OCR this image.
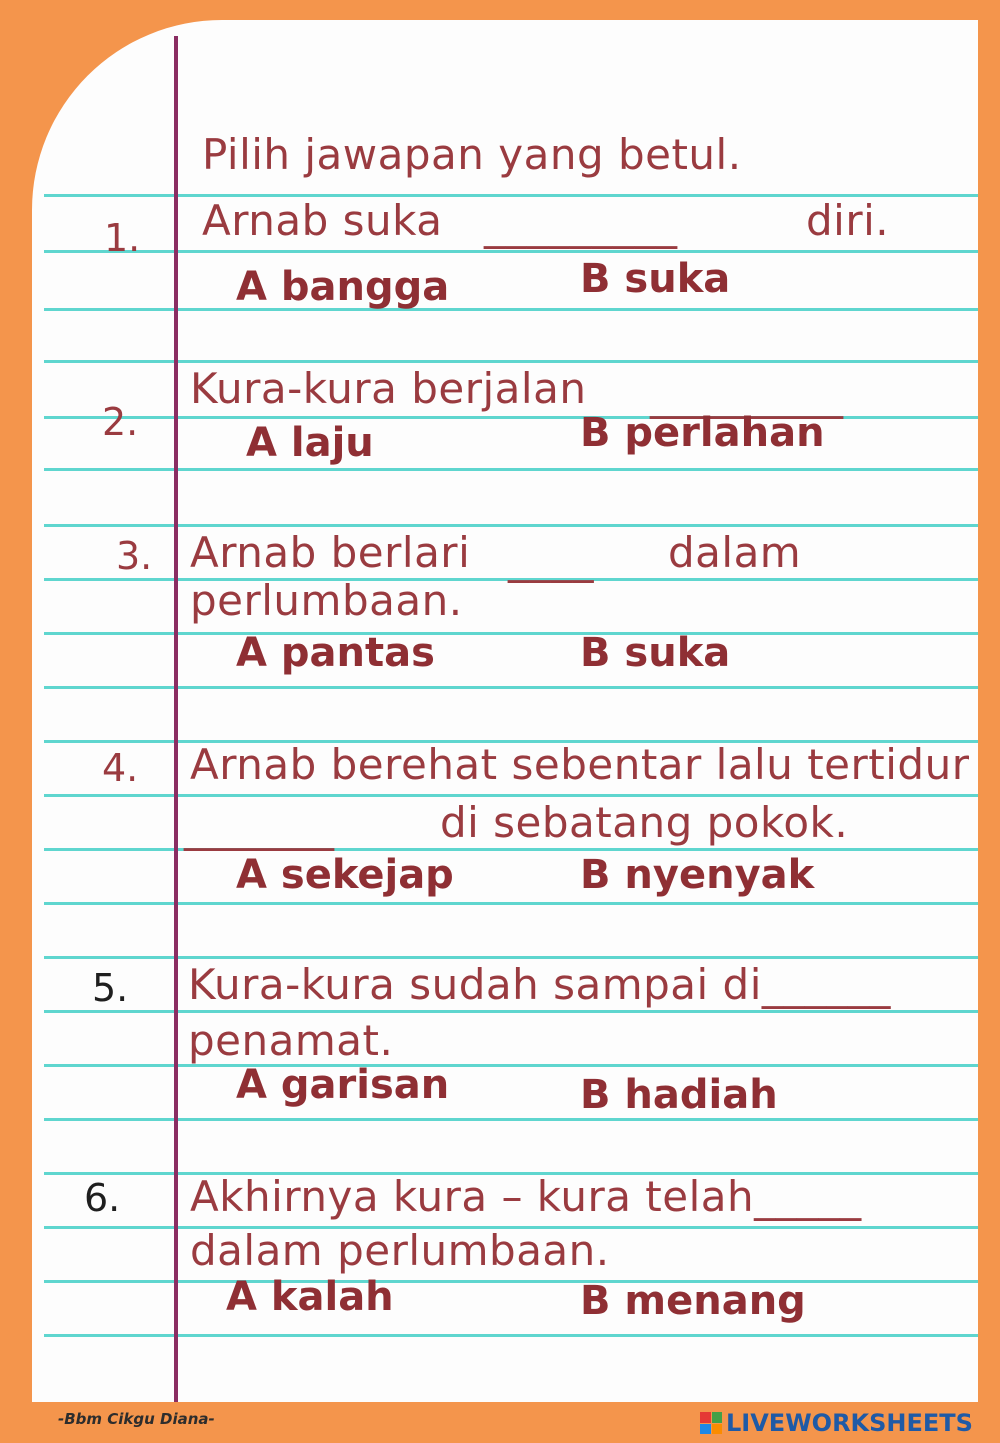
Pilih jawapan yang betul.
1. Arnab suka _________	diri.
A bangga	B suka
2.
Kura-kura berjalan _________
A laju	B perlahan
3. Arnab berlari ____ dalam
perlumbaan.
A pantas	B suka
4. Arnab berehat sebentar lalu tertidur
_______	di sebatang pokok.
A sekejap	B nyenyak
5. Kura-kura sudah sampai di______
penamat.
A garisan	B hadiah
6. Akhirnya kura – kura telah_____
dalam perlumbaan.
A kalah	B menang
-Bbm Cikgu Diana-	LIVEWORKSHEETS
